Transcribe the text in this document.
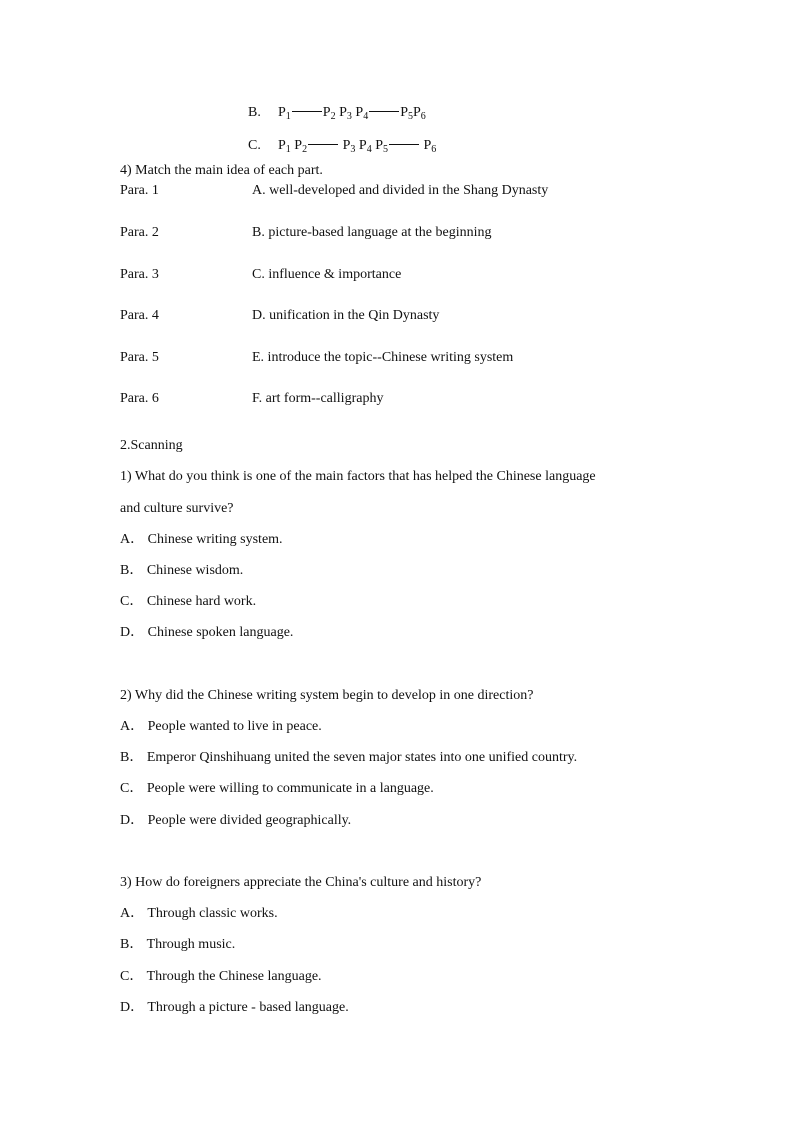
B. $P_1$ $P_2$ $P_3$ $P_4$ $P_5P_6$
C. $P_1$ $P_2$ $P_3$ $P_4$ $P_5$ $P_6$
4) Match the main idea of each part.
Para. 1	A. well-developed and divided in the Shang Dynasty
Para. 2	B. picture-based language at the beginning
Para. 3	C. influence & importance
Para. 4	D. unification in the Qin Dynasty
Para. 5	E. introduce the topic--Chinese writing system
Para. 6	F. art form--calligraphy
2.Scanning
1) What do you think is one of the main factors that has helped the Chinese language
and culture survive?
A． Chinese writing system.
B． Chinese wisdom.
C． Chinese hard work.
D． Chinese spoken language.
2) Why did the Chinese writing system begin to develop in one direction?
A． People wanted to live in peace.
B． Emperor Qinshihuang united the seven major states into one unified country.
C． People were willing to communicate in a language.
D． People were divided geographically.
3) How do foreigners appreciate the China's culture and history?
A． Through classic works.
B． Through music.
C． Through the Chinese language.
D． Through a picture - based language.
